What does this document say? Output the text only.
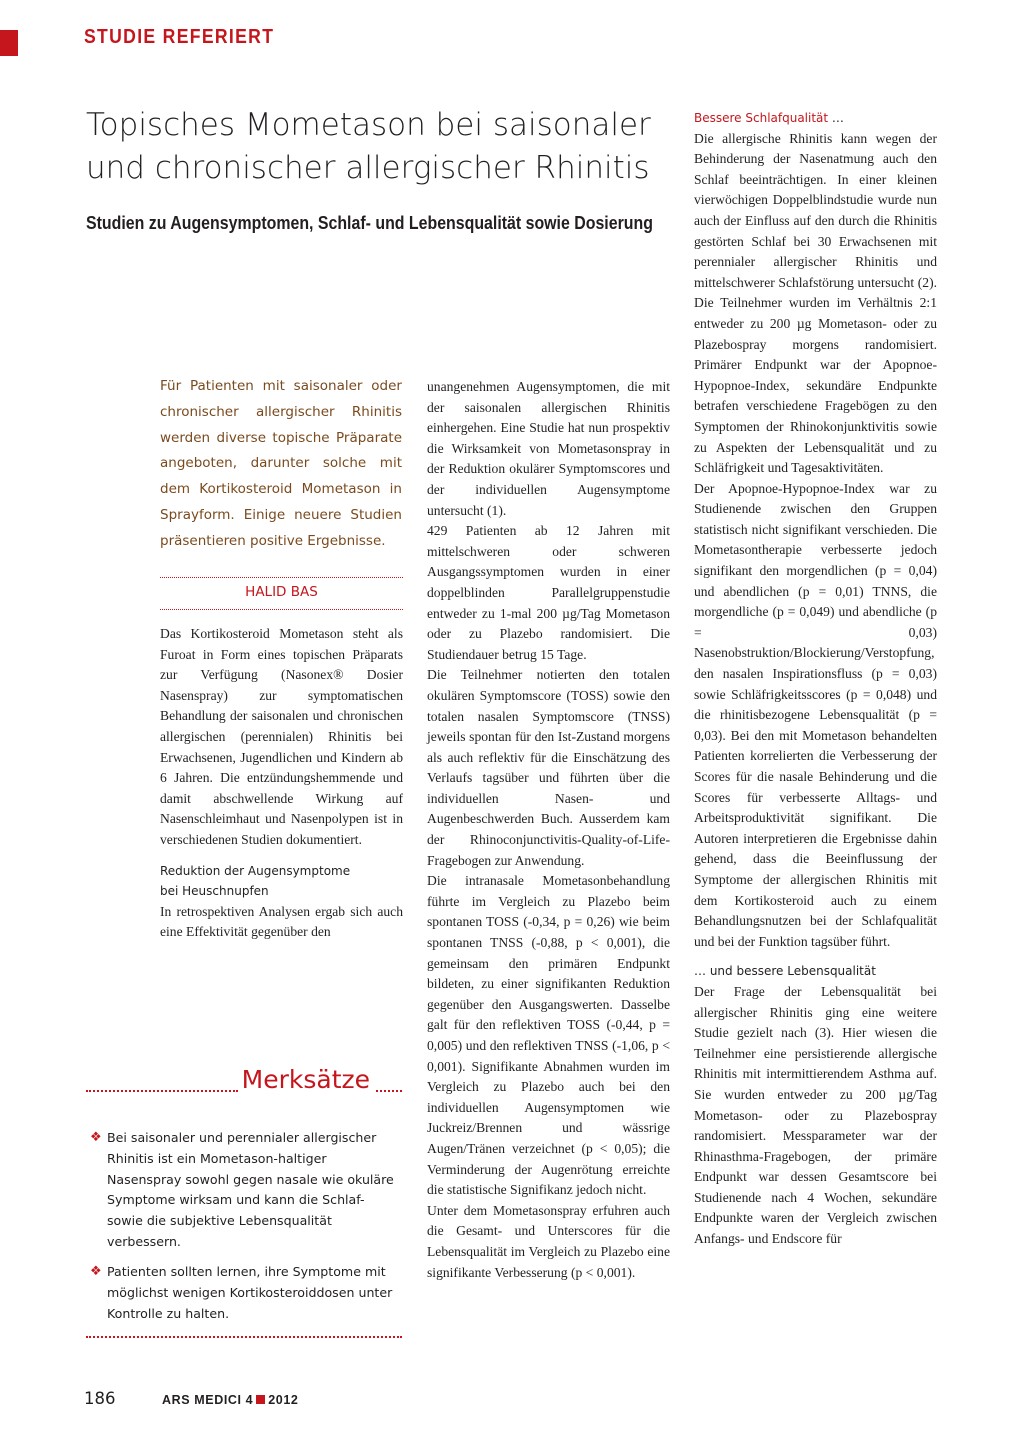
STUDIE REFERIERT
Topisches Mometason bei saisonaler und chronischer allergischer Rhinitis
Studien zu Augensymptomen, Schlaf- und Lebensqualität sowie Dosierung
Für Patienten mit saisonaler oder chronischer allergischer Rhinitis werden diverse topische Präparate angeboten, darunter solche mit dem Kortikosteroid Mometason in Sprayform. Einige neuere Studien präsentieren positive Ergebnisse.
HALID BAS

Das Kortikosteroid Mometason steht als Furoat in Form eines topischen Präparats zur Verfügung (Nasonex® Dosier Nasenspray) zur symptomatischen Behandlung der saisonalen und chronischen allergischen (perennialen) Rhinitis bei Erwachsenen, Jugendlichen und Kindern ab 6 Jahren. Die entzündungshemmende und damit abschwellende Wirkung auf Nasenschleimhaut und Nasenpolypen ist in verschiedenen Studien dokumentiert.

Reduktion der Augensymptome
bei Heuschnupfen

In retrospektiven Analysen ergab sich auch eine Effektivität gegenüber den

unangenehmen Augensymptomen, die mit der saisonalen allergischen Rhinitis einhergehen. Eine Studie hat nun prospektiv die Wirksamkeit von Mometasonspray in der Reduktion okulärer Symptomscores und der individuellen Augensymptome untersucht (1).

429 Patienten ab 12 Jahren mit mittelschweren oder schweren Ausgangssymptomen wurden in einer doppelblinden Parallelgruppenstudie entweder zu 1-mal 200 µg/Tag Mometason oder zu Plazebo randomisiert. Die Studiendauer betrug 15 Tage.

Die Teilnehmer notierten den totalen okulären Symptomscore (TOSS) sowie den totalen nasalen Symptomscore (TNSS) jeweils spontan für den Ist-Zustand morgens als auch reflektiv für die Einschätzung des Verlaufs tagsüber und führten über die individuellen Nasen- und Augenbeschwerden Buch. Ausserdem kam der Rhinoconjunctivitis-Quality-of-Life-Fragebogen zur Anwendung.

Die intranasale Mometasonbehandlung führte im Vergleich zu Plazebo beim spontanen TOSS (-0,34, p = 0,26) wie beim spontanen TNSS (-0,88, p < 0,001), die gemeinsam den primären Endpunkt bildeten, zu einer signifikanten Reduktion gegenüber den Ausgangswerten. Dasselbe galt für den reflektiven TOSS (-0,44, p = 0,005) und den reflektiven TNSS (-1,06, p < 0,001). Signifikante Abnahmen wurden im Vergleich zu Plazebo auch bei den individuellen Augensymptomen wie Juckreiz/Brennen und wässrige Augen/Tränen verzeichnet (p < 0,05); die Verminderung der Augenrötung erreichte die statistische Signifikanz jedoch nicht.

Unter dem Mometasonspray erfuhren auch die Gesamt- und Unterscores für die Lebensqualität im Vergleich zu Plazebo eine signifikante Verbesserung (p < 0,001).

Bessere Schlafqualität …

Die allergische Rhinitis kann wegen der Behinderung der Nasenatmung auch den Schlaf beeinträchtigen. In einer kleinen vierwöchigen Doppelblindstudie wurde nun auch der Einfluss auf den durch die Rhinitis gestörten Schlaf bei 30 Erwachsenen mit perennialer allergischer Rhinitis und mittelschwerer Schlafstörung untersucht (2). Die Teilnehmer wurden im Verhältnis 2:1 entweder zu 200 µg Mometason- oder zu Plazebospray morgens randomisiert. Primärer Endpunkt war der Apopnoe-Hypopnoe-Index, sekundäre Endpunkte betrafen verschiedene Fragebögen zu den Symptomen der Rhinokonjunktivitis sowie zu Aspekten der Lebensqualität und zu Schläfrigkeit und Tagesaktivitäten.

Der Apopnoe-Hypopnoe-Index war zu Studienende zwischen den Gruppen statistisch nicht signifikant verschieden. Die Mometasontherapie verbesserte jedoch signifikant den morgendlichen (p = 0,04) und abendlichen (p = 0,01) TNNS, die morgendliche (p = 0,049) und abendliche (p = 0,03) Nasenobstruktion/Blockierung/Verstopfung, den nasalen Inspirationsfluss (p = 0,03) sowie Schläfrigkeitsscores (p = 0,048) und die rhinitisbezogene Lebensqualität (p = 0,03). Bei den mit Mometason behandelten Patienten korrelierten die Verbesserung der Scores für die nasale Behinderung und die Scores für verbesserte Alltags- und Arbeitsproduktivität signifikant. Die Autoren interpretieren die Ergebnisse dahin gehend, dass die Beeinflussung der Symptome der allergischen Rhinitis mit dem Kortikosteroid auch zu einem Behandlungsnutzen bei der Schlafqualität und bei der Funktion tagsüber führt.

… und bessere Lebensqualität

Der Frage der Lebensqualität bei allergischer Rhinitis ging eine weitere Studie gezielt nach (3). Hier wiesen die Teilnehmer eine persistierende allergische Rhinitis mit intermittierendem Asthma auf. Sie wurden entweder zu 200 µg/Tag Mometason- oder zu Plazebospray randomisiert. Messparameter war der Rhinasthma-Fragebogen, der primäre Endpunkt war dessen Gesamtscore bei Studienende nach 4 Wochen, sekundäre Endpunkte waren der Vergleich zwischen Anfangs- und Endscore für

Merksätze
❖ Bei saisonaler und perennialer allergischer Rhinitis ist ein Mometason-haltiger Nasenspray sowohl gegen nasale wie okuläre Symptome wirksam und kann die Schlaf- sowie die subjektive Lebensqualität verbessern.
❖ Patienten sollten lernen, ihre Symptome mit möglichst wenigen Kortikosteroiddosen unter Kontrolle zu halten.
186	ARS MEDICI 4 2012
